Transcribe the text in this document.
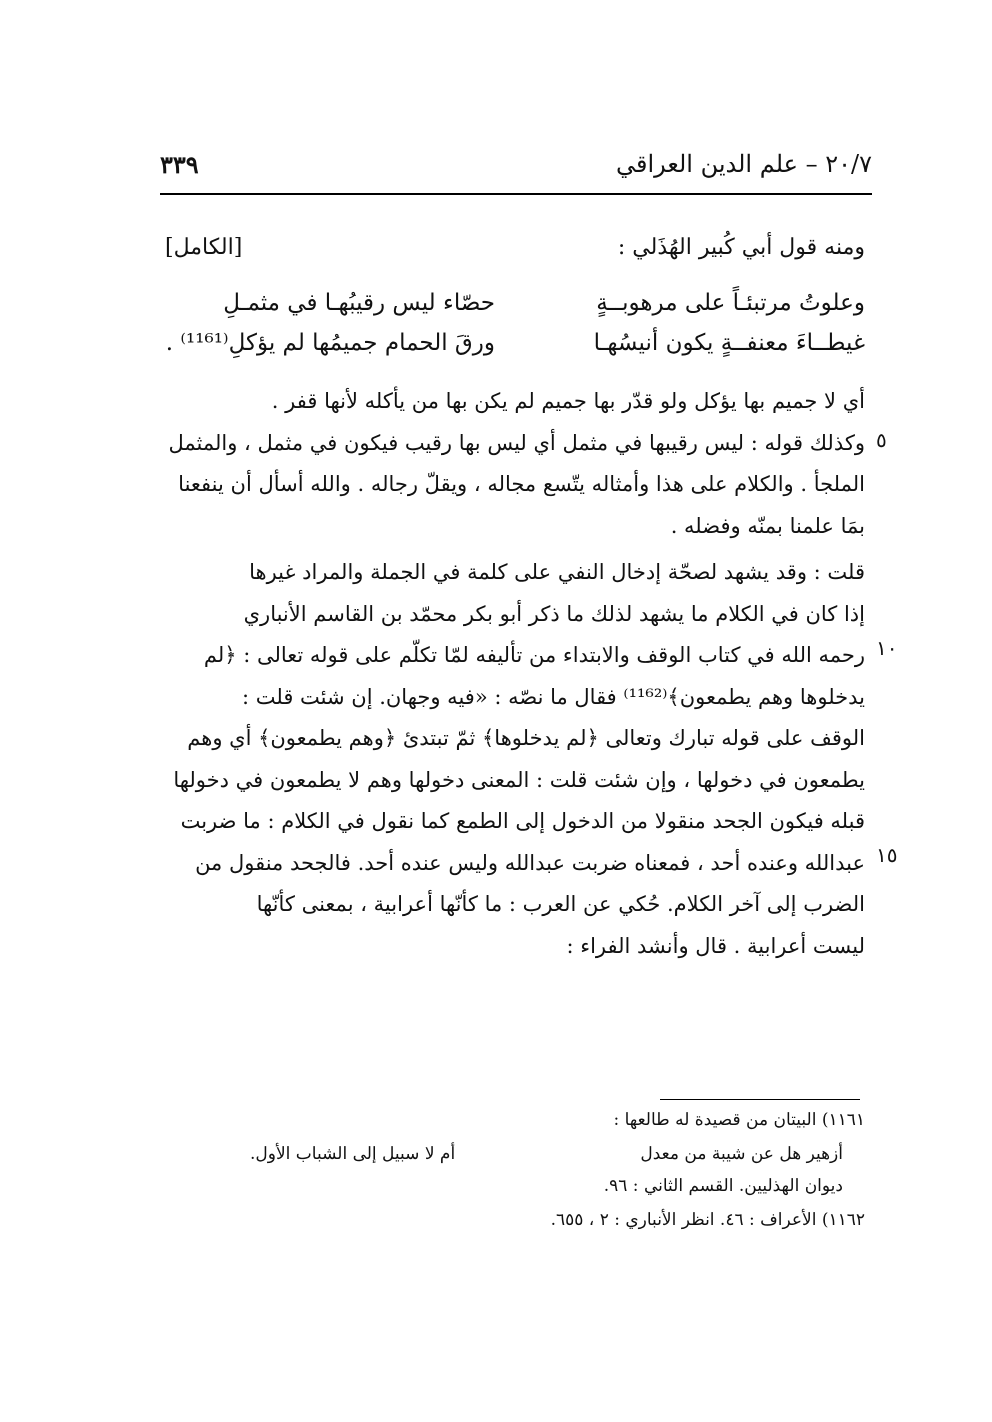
٢٠/٧ – علم الدين العراقي
٣٣٩
ومنه قول أبي كُبير الهُذَلي :
[الكامل]
وعلوتُ مرتبئـاً على مرهوبــةٍ
حصّاء ليس رقيبُهـا في مثمـلِ
غيطــاءَ معنفــةٍ يكون أنيسُهـا
ورقَ الحمام جميمُها لم يؤكلِ⁽¹¹⁶¹⁾ .

أي لا جميم بها يؤكل ولو قدّر بها جميم لم يكن بها من يأكله لأنها قفر .

وكذلك قوله : ليس رقيبها في مثمل أي ليس بها رقيب فيكون في مثمل ، والمثمل

الملجأ . والكلام على هذا وأمثاله يتّسع مجاله ، ويقلّ رجاله . والله أسأل أن ينفعنا

بمَا علمنا بمنّه وفضله .

قلت : وقد يشهد لصحّة إدخال النفي على كلمة في الجملة والمراد غيرها

إذا كان في الكلام ما يشهد لذلك ما ذكر أبو بكر محمّد بن القاسم الأنباري

رحمه الله في كتاب الوقف والابتداء من تأليفه لمّا تكلّم على قوله تعالى : ﴿لم

يدخلوها وهم يطمعون﴾⁽¹¹⁶²⁾ فقال ما نصّه : «فيه وجهان. إن شئت قلت :

الوقف على قوله تبارك وتعالى ﴿لم يدخلوها﴾ ثمّ تبتدئ ﴿وهم يطمعون﴾ أي وهم

يطمعون في دخولها ، وإن شئت قلت : المعنى دخولها وهم لا يطمعون في دخولها

قبله فيكون الجحد منقولا من الدخول إلى الطمع كما نقول في الكلام : ما ضربت

عبدالله وعنده أحد ، فمعناه ضربت عبدالله وليس عنده أحد. فالجحد منقول من

الضرب إلى آخر الكلام. حُكي عن العرب : ما كأنّها أعرابية ، بمعنى كأنّها

ليست أعرابية . قال وأنشد الفراء :

٥
١٠
١٥
١١٦١) البيتان من قصيدة له طالعها :
أزهير هل عن شيبة من معدل
أم لا سبيل إلى الشباب الأول.
ديوان الهذليين. القسم الثاني : ٩٦.
١١٦٢) الأعراف : ٤٦. انظر الأنباري : ٢ ، ٦٥٥.
